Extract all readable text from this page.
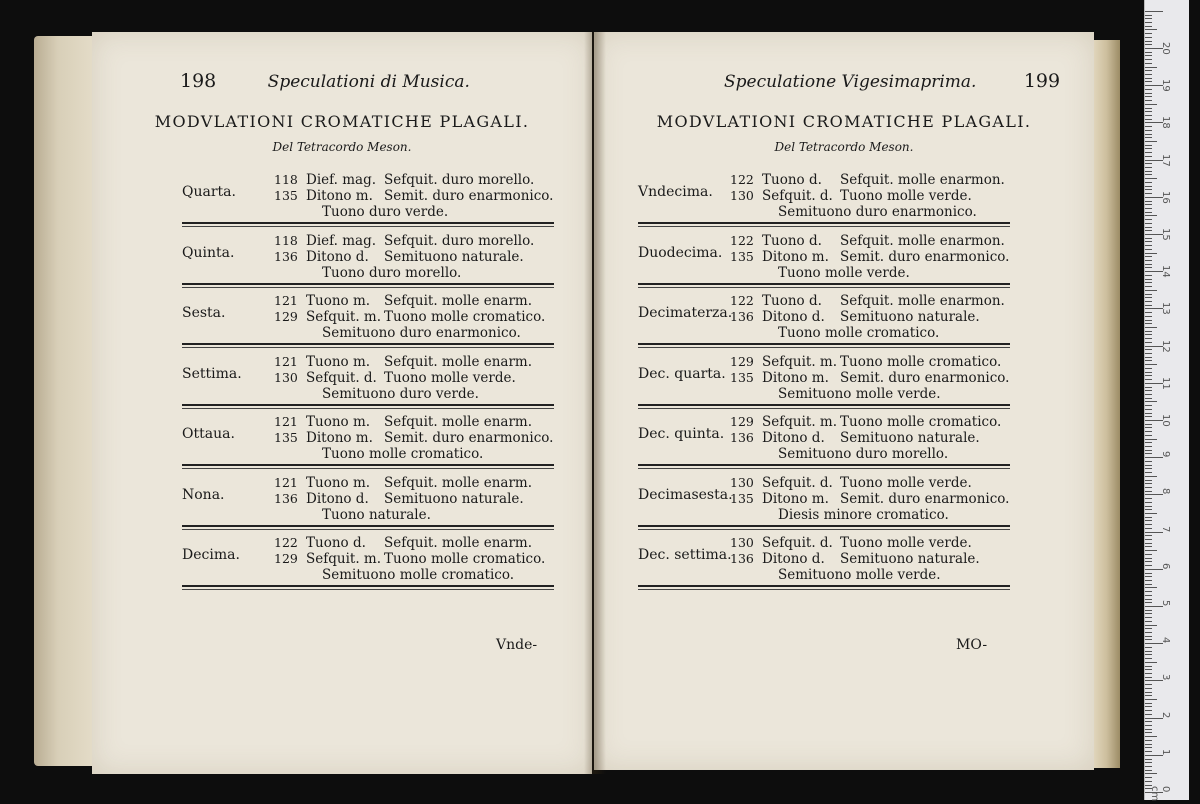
198	Speculationi di Musica.
MODVLATIONI CROMATICHE PLAGALI.
Del Tetracordo Meson.
Quarta.
118 Dief. mag. Sefquit. duro morello.
135 Ditono m. Semit. duro enarmonico.
Tuono duro verde.
Quinta.
118 Dief. mag. Sefquit. duro morello.
136 Ditono d. Semituono naturale.
Tuono duro morello.
Sesta.
121 Tuono m. Sefquit. molle enarm.
129 Sefquit. m. Tuono molle cromatico.
Semituono duro enarmonico.
Settima.
121 Tuono m. Sefquit. molle enarm.
130 Sefquit. d. Tuono molle verde.
Semituono duro verde.
Ottaua.
121 Tuono m. Sefquit. molle enarm.
135 Ditono m. Semit. duro enarmonico.
Tuono molle cromatico.
Nona.
121 Tuono m. Sefquit. molle enarm.
136 Ditono d. Semituono naturale.
Tuono naturale.
Decima.
122 Tuono d. Sefquit. molle enarm.
129 Sefquit. m. Tuono molle cromatico.
Semituono molle cromatico.
Vnde-
Speculatione Vigesimaprima. 199
MODVLATIONI CROMATICHE PLAGALI.
Del Tetracordo Meson.
Vndecima.
122 Tuono d. Sefquit. molle enarmon.
130 Sefquit. d. Tuono molle verde.
Semituono duro enarmonico.
Duodecima.
122 Tuono d. Sefquit. molle enarmon.
135 Ditono m. Semit. duro enarmonico.
Tuono molle verde.
Decimaterza.
122 Tuono d. Sefquit. molle enarmon.
136 Ditono d. Semituono naturale.
Tuono molle cromatico.
Dec. quarta.
129 Sefquit. m. Tuono molle cromatico.
135 Ditono m. Semit. duro enarmonico.
Semituono molle verde.
Dec. quinta.
129 Sefquit. m. Tuono molle cromatico.
136 Ditono d. Semituono naturale.
Semituono duro morello.
Decimasesta.
130 Sefquit. d. Tuono molle verde.
135 Ditono m. Semit. duro enarmonico.
Diesis minore cromatico.
Dec. settima.
130 Sefquit. d. Tuono molle verde.
136 Ditono d. Semituono naturale.
Semituono molle verde.
MO-
20
19
18
17
16
15
14
13
12
11
10
9
8
7
6
5
4
3
2
1
0 cm
